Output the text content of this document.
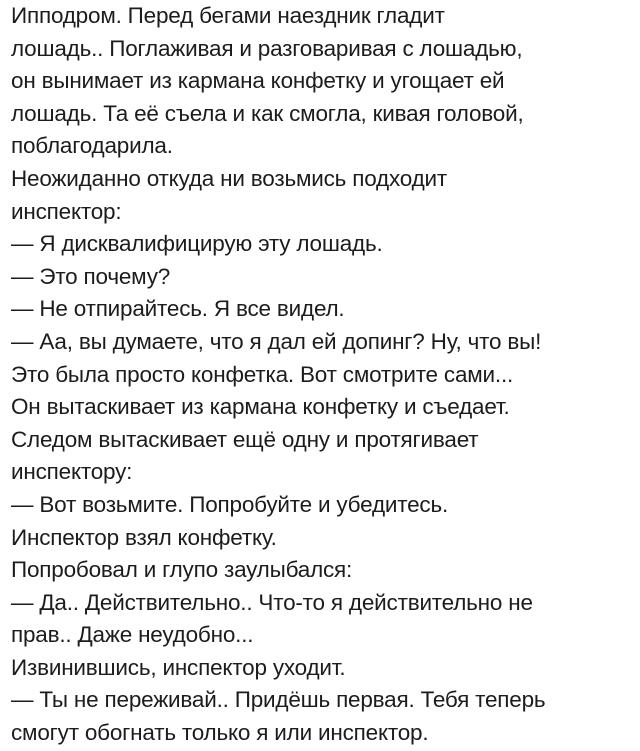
Ипподром. Перед бегами наездник гладит
лошадь.. Поглаживая и разговаривая с лошадью,
он вынимает из кармана конфетку и угощает ей
лошадь. Та её съела и как смогла, кивая головой,
поблагодарила.
Неожиданно откуда ни возьмись подходит
инспектор:
— Я дисквалифицирую эту лошадь.
— Это почему?
— Не отпирайтесь. Я все видел.
— Аа, вы думаете, что я дал ей допинг? Ну, что вы!
Это была просто конфетка. Вот смотрите сами...
Он вытаскивает из кармана конфетку и съедает.
Следом вытаскивает ещё одну и протягивает
инспектору:
— Вот возьмите. Попробуйте и убедитесь.
Инспектор взял конфетку.
Попробовал и глупо заулыбался:
— Да.. Действительно.. Что-то я действительно не
прав.. Даже неудобно...
Извинившись, инспектор уходит.
— Ты не переживай.. Придёшь первая. Тебя теперь
смогут обогнать только я или инспектор.
